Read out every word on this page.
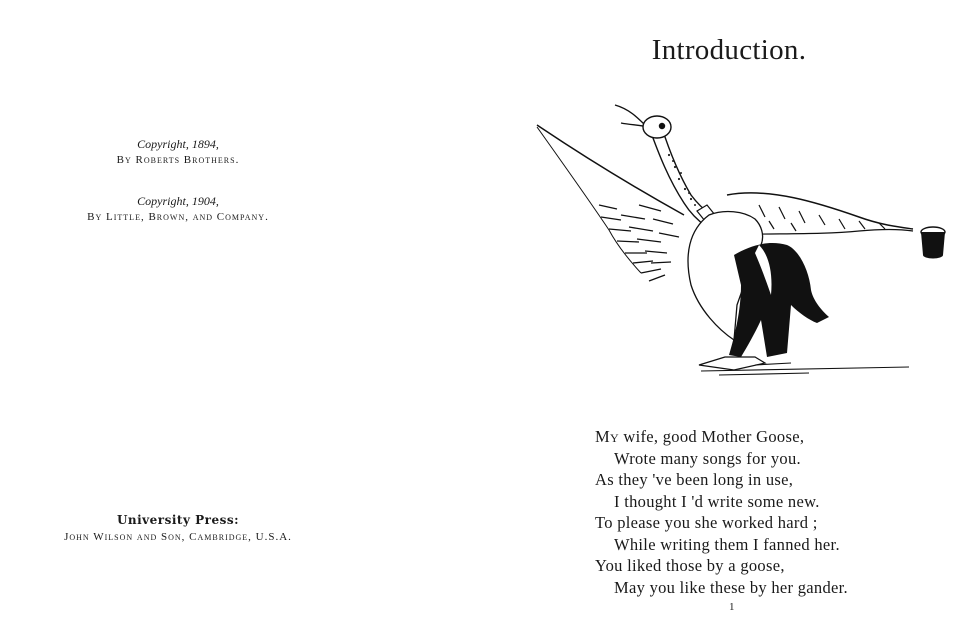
Copyright, 1894,
By Roberts Brothers.
Copyright, 1904,
By Little, Brown, and Company.
University Press:
John Wilson and Son, Cambridge, U.S.A.
Introduction.
My wife, good Mother Goose,
Wrote many songs for you.
As they 've been long in use,
I thought I 'd write some new.
To please you she worked hard ;
While writing them I fanned her.
You liked those by a goose,
May you like these by her gander.
1
